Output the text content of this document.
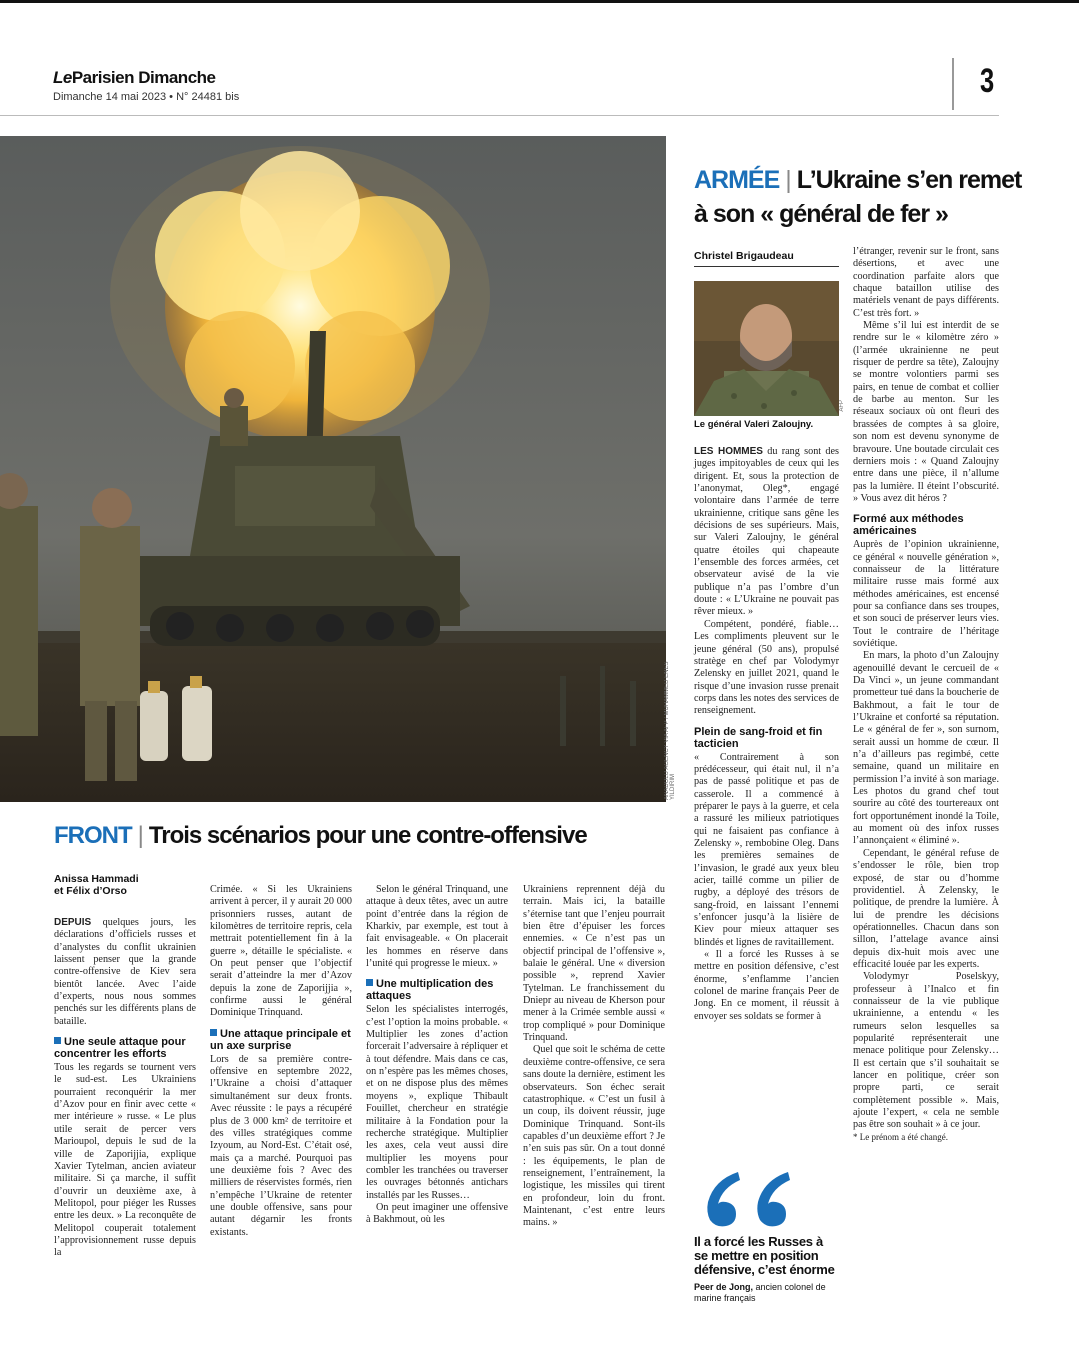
LeParisien Dimanche
Dimanche 14 mai 2023 • N° 24481 bis	3
ANADOLU AGENCY VIA AFP / MUHAMMED ENES YILDIRIM
FRONT | Trois scénarios pour une contre-offensive
Anissa Hammadi
et Félix d’Orso

DEPUIS quelques jours, les déclarations d’officiels russes et d’analystes du conflit ukrainien laissent penser que la grande contre-offensive de Kiev sera bientôt lancée. Avec l’aide d’experts, nous nous sommes penchés sur les différents plans de bataille.

Une seule attaque pour concentrer les efforts

Tous les regards se tournent vers le sud-est. Les Ukrainiens pourraient reconquérir la mer d’Azov pour en finir avec cette « mer intérieure » russe. « Le plus utile serait de percer vers Marioupol, depuis le sud de la ville de Zaporijjia, explique Xavier Tytelman, ancien aviateur militaire. Si ça marche, il suffit d’ouvrir un deuxième axe, à Melitopol, pour piéger les Russes entre les deux. » La reconquête de Melitopol couperait totalement l’approvisionnement russe depuis la

Crimée. « Si les Ukrainiens arrivent à percer, il y aurait 20 000 prisonniers russes, autant de kilomètres de territoire repris, cela mettrait potentiellement fin à la guerre », détaille le spécialiste. « On peut penser que l’objectif serait d’atteindre la mer d’Azov depuis la zone de Zaporijjia », confirme aussi le général Dominique Trinquand.

Une attaque principale et un axe surprise

Lors de sa première contre-offensive en septembre 2022, l’Ukraine a choisi d’attaquer simultanément sur deux fronts. Avec réussite : le pays a récupéré plus de 3 000 km² de territoire et des villes stratégiques comme Izyoum, au Nord-Est. C’était osé, mais ça a marché. Pourquoi pas une deuxième fois ? Avec des milliers de réservistes formés, rien n’empêche l’Ukraine de retenter une double offensive, sans pour autant dégarnir les fronts existants.

Selon le général Trinquand, une attaque à deux têtes, avec un autre point d’entrée dans la région de Kharkiv, par exemple, est tout à fait envisageable. « On placerait les hommes en réserve dans l’unité qui progresse le mieux. »

Une multiplication des attaques

Selon les spécialistes interrogés, c’est l’option la moins probable. « Multiplier les zones d’action forcerait l’adversaire à répliquer et à tout défendre. Mais dans ce cas, on n’espère pas les mêmes choses, et on ne dispose plus des mêmes moyens », explique Thibault Fouillet, chercheur en stratégie militaire à la Fondation pour la recherche stratégique. Multiplier les axes, cela veut aussi dire multiplier les moyens pour combler les tranchées ou traverser les ouvrages bétonnés antichars installés par les Russes…

On peut imaginer une offensive à Bakhmout, où les

Ukrainiens reprennent déjà du terrain. Mais ici, la bataille s’éternise tant que l’enjeu pourrait bien être d’épuiser les forces ennemies. « Ce n’est pas un objectif principal de l’offensive », balaie le général. Une « diversion possible », reprend Xavier Tytelman. Le franchissement du Dniepr au niveau de Kherson pour mener à la Crimée semble aussi « trop compliqué » pour Dominique Trinquand.

Quel que soit le schéma de cette deuxième contre-offensive, ce sera sans doute la dernière, estiment les observateurs. Son échec serait catastrophique. « C’est un fusil à un coup, ils doivent réussir, juge Dominique Trinquand. Sont-ils capables d’un deuxième effort ? Je n’en suis pas sûr. On a tout donné : les équipements, le plan de renseignement, l’entraînement, la logistique, les missiles qui tirent en profondeur, loin du front. Maintenant, c’est entre leurs mains. »

ARMÉE | L’Ukraine s’en remet
à son « général de fer »
Christel Brigaudeau
AFP
Le général Valeri Zaloujny.

LES HOMMES du rang sont des juges impitoyables de ceux qui les dirigent. Et, sous la protection de l’anonymat, Oleg*, engagé volontaire dans l’armée de terre ukrainienne, critique sans gêne les décisions de ses supérieurs. Mais, sur Valeri Zaloujny, le général quatre étoiles qui chapeaute l’ensemble des forces armées, cet observateur avisé de la vie publique n’a pas l’ombre d’un doute : « L’Ukraine ne pouvait pas rêver mieux. »

Compétent, pondéré, fiable… Les compliments pleuvent sur le jeune général (50 ans), propulsé stratège en chef par Volodymyr Zelensky en juillet 2021, quand le risque d’une invasion russe prenait corps dans les notes des services de renseignement.

Plein de sang-froid et fin tacticien

« Contrairement à son prédécesseur, qui était nul, il n’a pas de passé politique et pas de casserole. Il a commencé à préparer le pays à la guerre, et cela a rassuré les milieux patriotiques qui ne faisaient pas confiance à Zelensky », rembobine Oleg. Dans les premières semaines de l’invasion, le gradé aux yeux bleu acier, taillé comme un pilier de rugby, a déployé des trésors de sang-froid, en laissant l’ennemi s’enfoncer jusqu’à la lisière de Kiev pour mieux attaquer ses blindés et lignes de ravitaillement.

« Il a forcé les Russes à se mettre en position défensive, c’est énorme, s’enflamme l’ancien colonel de marine français Peer de Jong. En ce moment, il réussit à envoyer ses soldats se former à

Il a forcé les Russes à se mettre en position défensive, c’est énorme
Peer de Jong, ancien colonel de marine français

l’étranger, revenir sur le front, sans désertions, et avec une coordination parfaite alors que chaque bataillon utilise des matériels venant de pays différents. C’est très fort. »

Même s’il lui est interdit de se rendre sur le « kilomètre zéro » (l’armée ukrainienne ne peut risquer de perdre sa tête), Zaloujny se montre volontiers parmi ses pairs, en tenue de combat et collier de barbe au menton. Sur les réseaux sociaux où ont fleuri des brassées de comptes à sa gloire, son nom est devenu synonyme de bravoure. Une boutade circulait ces derniers mois : « Quand Zaloujny entre dans une pièce, il n’allume pas la lumière. Il éteint l’obscurité. » Vous avez dit héros ?

Formé aux méthodes américaines

Auprès de l’opinion ukrainienne, ce général « nouvelle génération », connaisseur de la littérature militaire russe mais formé aux méthodes américaines, est encensé pour sa confiance dans ses troupes, et son souci de préserver leurs vies. Tout le contraire de l’héritage soviétique.

En mars, la photo d’un Zaloujny agenouillé devant le cercueil de « Da Vinci », un jeune commandant prometteur tué dans la boucherie de Bakhmout, a fait le tour de l’Ukraine et conforté sa réputation. Le « général de fer », son surnom, serait aussi un homme de cœur. Il n’a d’ailleurs pas regimbé, cette semaine, quand un militaire en permission l’a invité à son mariage. Les photos du grand chef tout sourire au côté des tourtereaux ont fort opportunément inondé la Toile, au moment où des infox russes l’annonçaient « éliminé ».

Cependant, le général refuse de s’endosser le rôle, bien trop exposé, de star ou d’homme providentiel. À Zelensky, le politique, de prendre la lumière. À lui de prendre les décisions opérationnelles. Chacun dans son sillon, l’attelage avance ainsi depuis dix-huit mois avec une efficacité louée par les experts.

Volodymyr Poselskyy, professeur à l’Inalco et fin connaisseur de la vie publique ukrainienne, a entendu « les rumeurs selon lesquelles sa popularité représenterait une menace politique pour Zelensky… Il est certain que s’il souhaitait se lancer en politique, créer son propre parti, ce serait complètement possible ». Mais, ajoute l’expert, « cela ne semble pas être son souhait » à ce jour.

* Le prénom a été changé.
